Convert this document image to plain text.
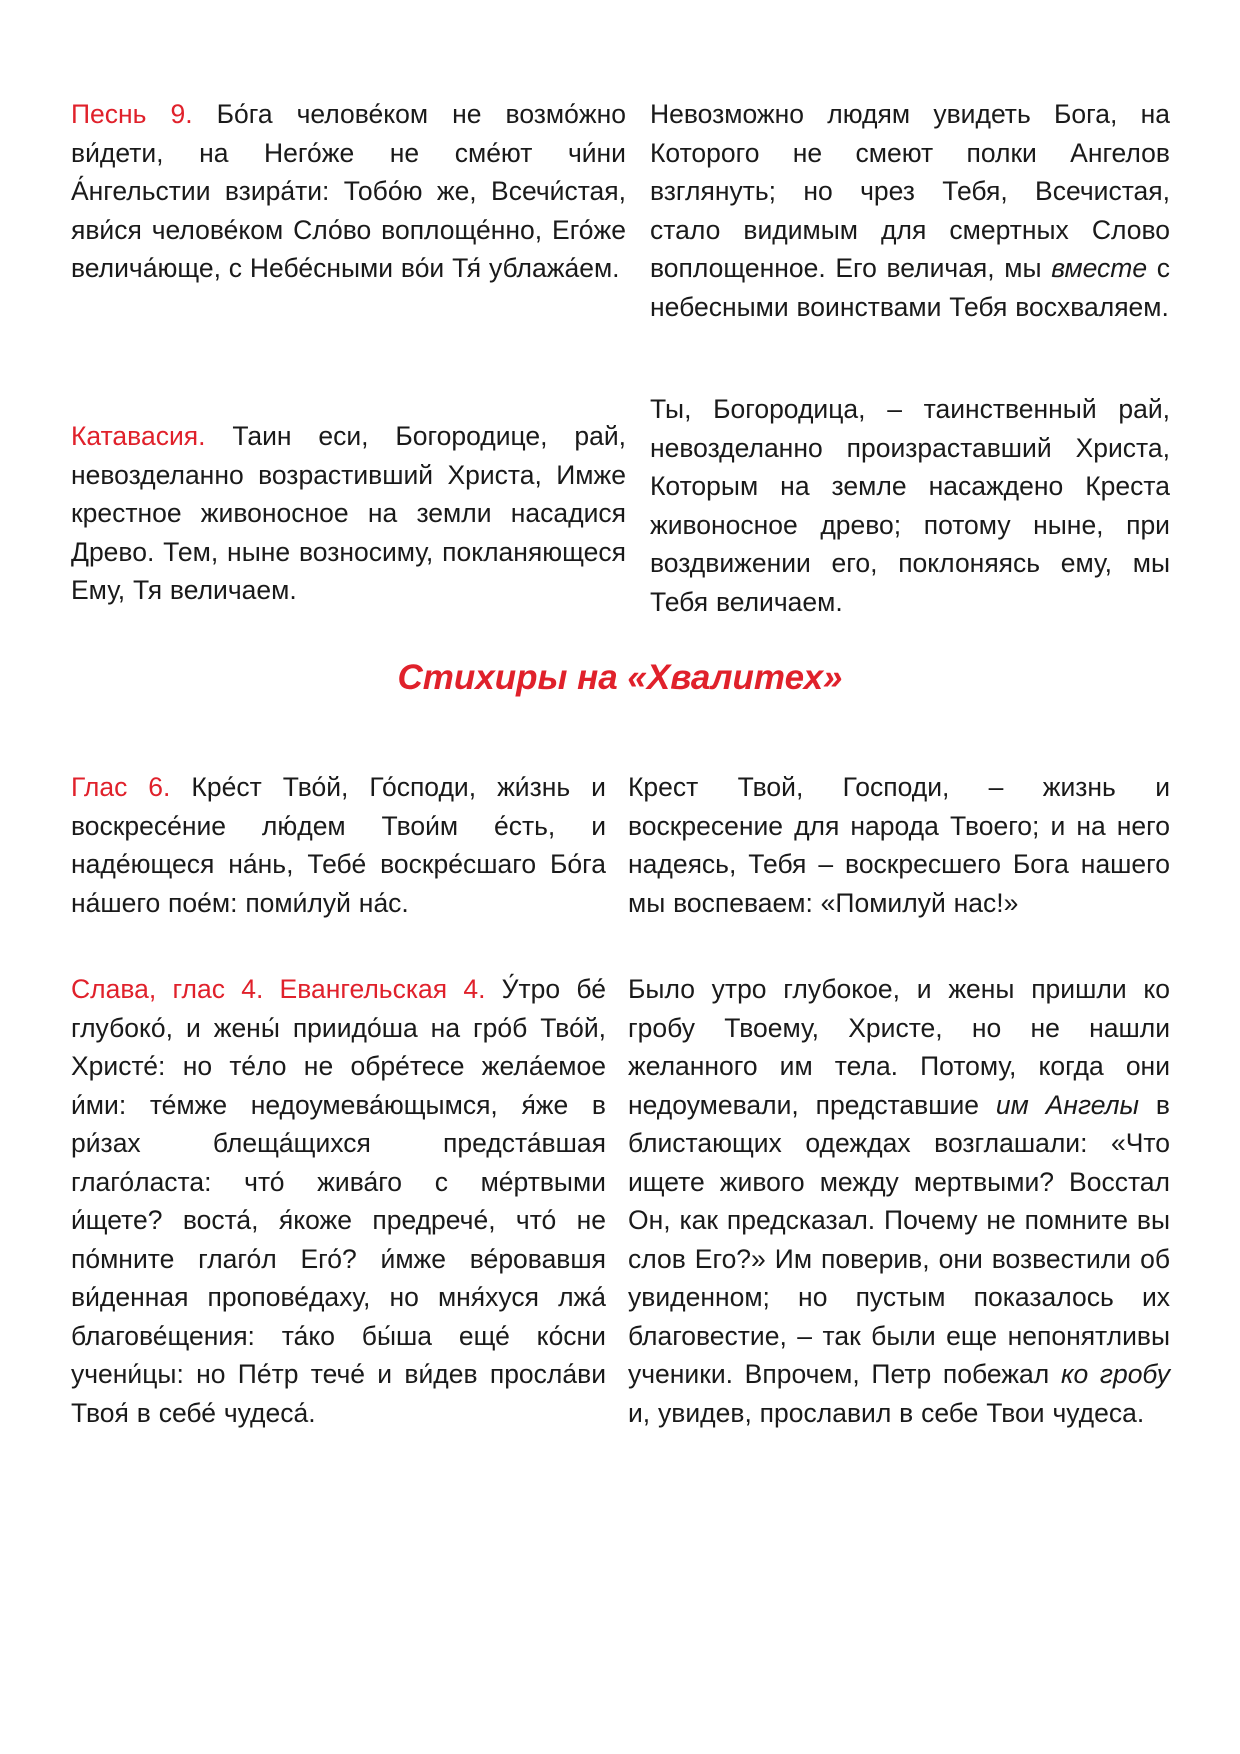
Песнь 9. Бо́га челове́ком не возмо́жно ви́дети, на Него́же не сме́ют чи́ни А́нгельстии взира́ти: Тобо́ю же, Всечи́стая, яви́ся челове́ком Сло́во воплоще́нно, Его́же велича́юще, с Небе́сными во́и Тя́ ублажа́ем.
Невозможно людям увидеть Бога, на Которого не смеют полки Ангелов взглянуть; но чрез Тебя, Всечистая, стало видимым для смертных Слово воплощенное. Его величая, мы вместе с небесными воинствами Тебя восхваляем.
Катавасия. Таин еси, Богородице, рай, невозделанно возрастивший Христа, Имже крестное живоносное на земли насадися Древо. Тем, ныне возносиму, покланяющеся Ему, Тя величаем.
Ты, Богородица, – таинственный рай, невозделанно произраставший Христа, Которым на земле насаждено Креста живоносное древо; потому ныне, при воздвижении его, поклоняясь ему, мы Тебя величаем.
Стихиры на «Хвалитех»
Глас 6. Кре́ст Тво́й, Го́споди, жи́знь и воскресе́ние лю́дем Твои́м е́сть, и наде́ющеся на́нь, Тебе́ воскре́сшаго Бо́га на́шего пое́м: поми́луй на́с.
Крест Твой, Господи, – жизнь и воскресение для народа Твоего; и на него надеясь, Тебя – воскресшего Бога нашего мы воспеваем: «Помилуй нас!»
Слава, глас 4. Евангельская 4. У́тро бе́ глубоко́, и жены́ приидо́ша на гро́б Тво́й, Христе́: но те́ло не обре́тесе жела́емое и́ми: те́мже недоумева́ющымся, я́же в ри́зах блеща́щихся предста́вшая глаго́ласта: что́ жива́го с ме́ртвыми и́щете? воста́, я́коже предрече́, что́ не по́мните глаго́л Его́? и́мже ве́ровавшя ви́денная пропове́даху, но мня́хуся лжа́ благове́щения: та́ко бы́ша еще́ ко́сни учени́цы: но Пе́тр тече́ и ви́дев просла́ви Твоя́ в себе́ чудеса́.
Было утро глубокое, и жены пришли ко гробу Твоему, Христе, но не нашли желанного им тела. Потому, когда они недоумевали, представшие им Ангелы в блистающих одеждах возглашали: «Что ищете живого между мертвыми? Восстал Он, как предсказал. Почему не помните вы слов Его?» Им поверив, они возвестили об увиденном; но пустым показалось их благовестие, – так были еще непонятливы ученики. Впрочем, Петр побежал ко гробу и, увидев, прославил в себе Твои чудеса.
